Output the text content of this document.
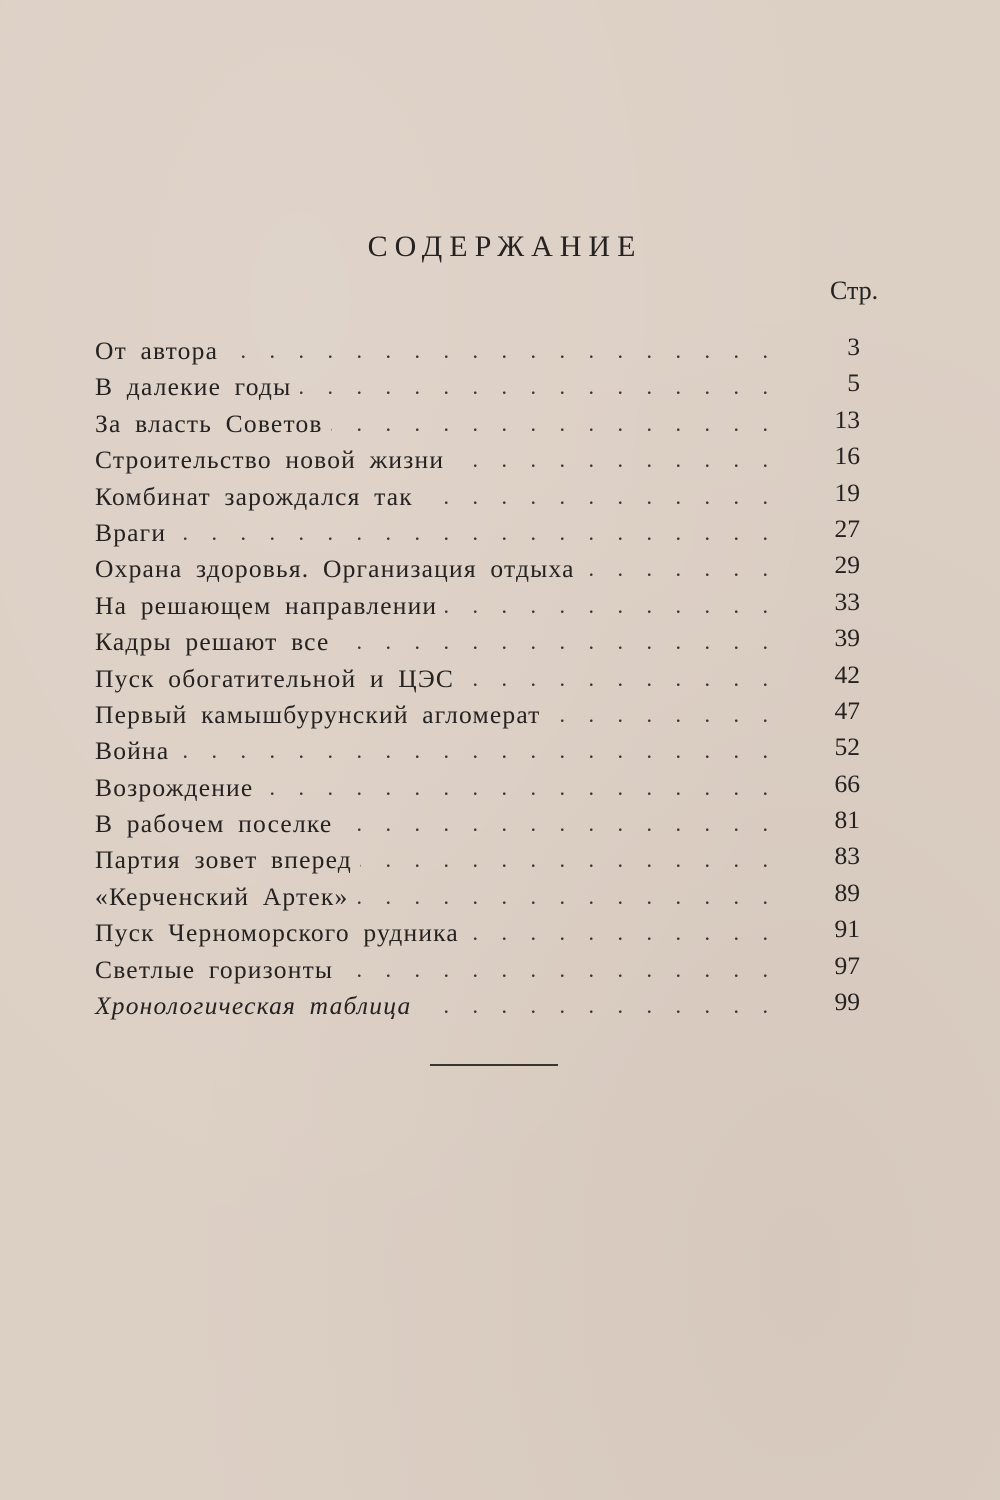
СОДЕРЖАНИЕ
Стр.
От автора . . .	3
В далекие годы . . .	5
За власть Советов . . .	13
Строительство новой жизни . . .	16
Комбинат зарождался так . . .	19
Враги . . .	27
Охрана здоровья. Организация отдыха . . .	29
На решающем направлении . . .	33
Кадры решают все . . .	39
Пуск обогатительной и ЦЭС . . .	42
Первый камышбурунский агломерат . . .	47
Война . . .	52
Возрождение . . .	66
В рабочем поселке . . .	81
Партия зовет вперед . . .	83
«Керченский Артек» . . .	89
Пуск Черноморского рудника . . .	91
Светлые горизонты . . .	97
Хронологическая таблица . . .	99
